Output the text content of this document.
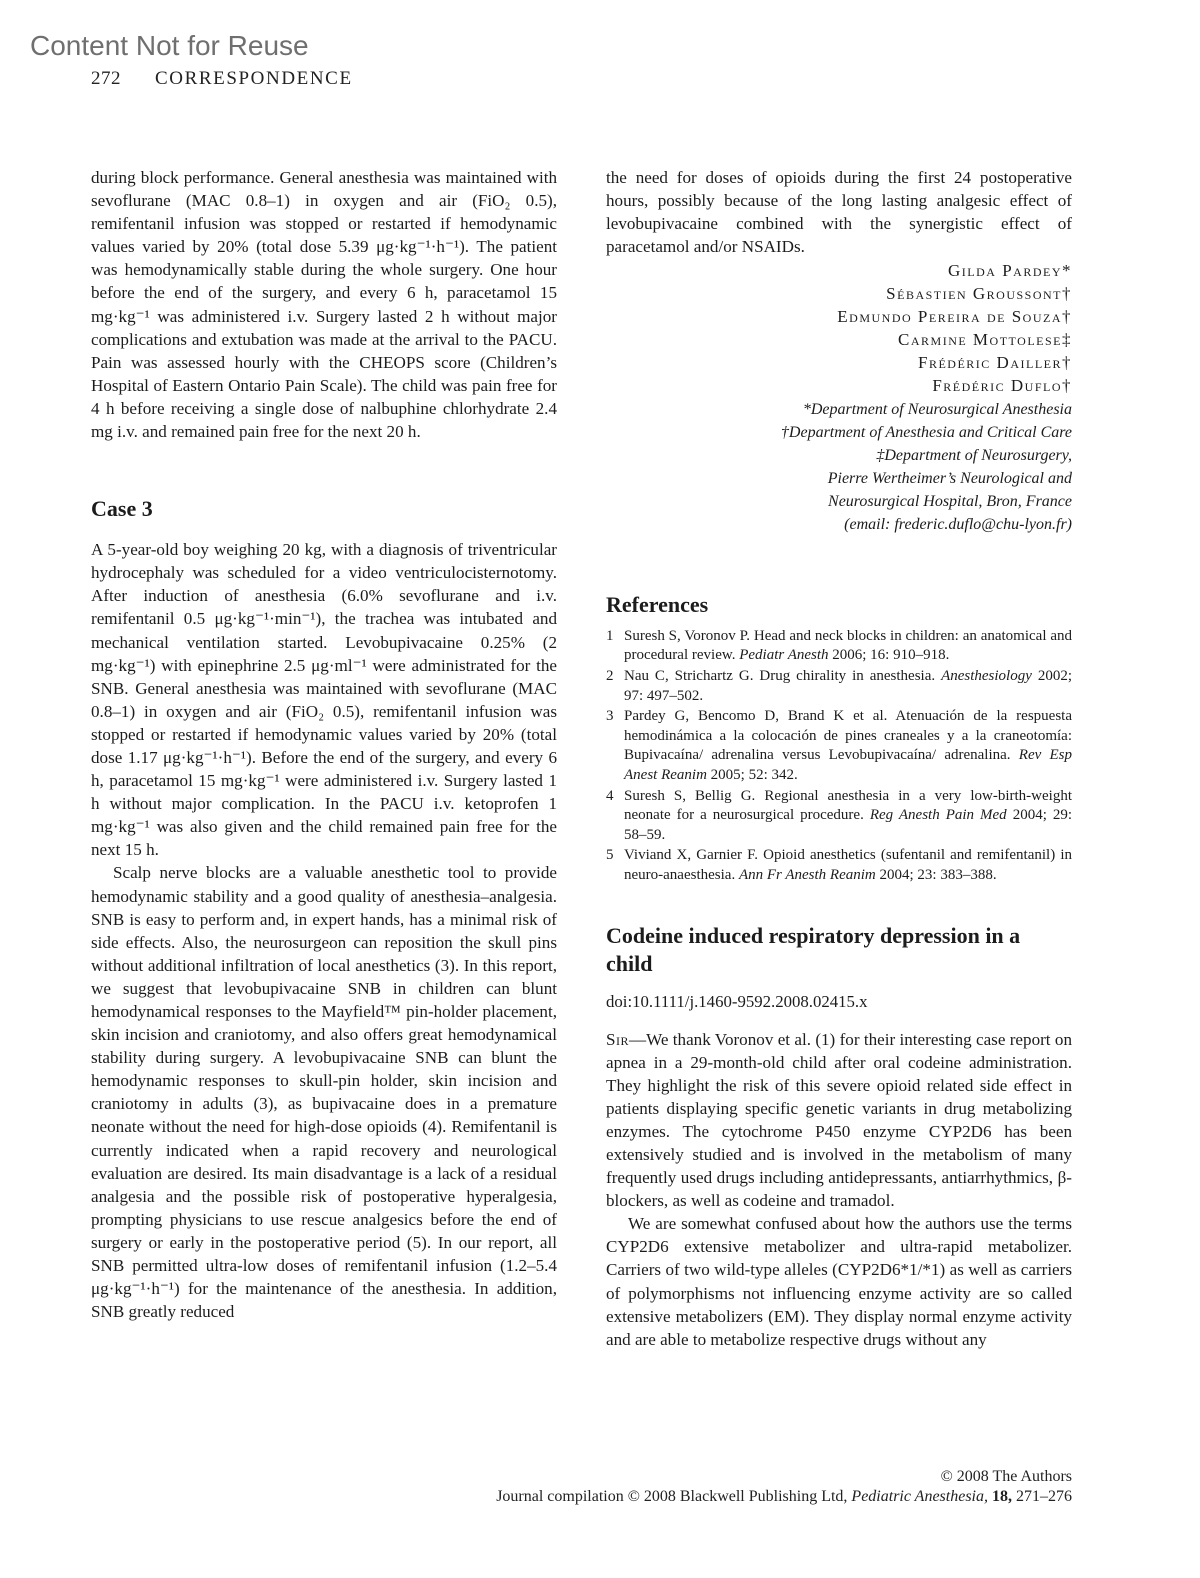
Content Not for Reuse
272 CORRESPONDENCE

during block performance. General anesthesia was maintained with sevoflurane (MAC 0.8–1) in oxygen and air (FiO₂ 0.5), remifentanil infusion was stopped or restarted if hemodynamic values varied by 20% (total dose 5.39 μg·kg⁻¹·h⁻¹). The patient was hemodynamically stable during the whole surgery. One hour before the end of the surgery, and every 6 h, paracetamol 15 mg·kg⁻¹ was administered i.v. Surgery lasted 2 h without major complications and extubation was made at the arrival to the PACU. Pain was assessed hourly with the CHEOPS score (Children’s Hospital of Eastern Ontario Pain Scale). The child was pain free for 4 h before receiving a single dose of nalbuphine chlorhydrate 2.4 mg i.v. and remained pain free for the next 20 h.

Case 3

A 5-year-old boy weighing 20 kg, with a diagnosis of triventricular hydrocephaly was scheduled for a video ventriculocisternotomy. After induction of anesthesia (6.0% sevoflurane and i.v. remifentanil 0.5 μg·kg⁻¹·min⁻¹), the trachea was intubated and mechanical ventilation started. Levobupivacaine 0.25% (2 mg·kg⁻¹) with epinephrine 2.5 μg·ml⁻¹ were administrated for the SNB. General anesthesia was maintained with sevoflurane (MAC 0.8–1) in oxygen and air (FiO₂ 0.5), remifentanil infusion was stopped or restarted if hemodynamic values varied by 20% (total dose 1.17 μg·kg⁻¹·h⁻¹). Before the end of the surgery, and every 6 h, paracetamol 15 mg·kg⁻¹ were administered i.v. Surgery lasted 1 h without major complication. In the PACU i.v. ketoprofen 1 mg·kg⁻¹ was also given and the child remained pain free for the next 15 h.

Scalp nerve blocks are a valuable anesthetic tool to provide hemodynamic stability and a good quality of anesthesia–analgesia. SNB is easy to perform and, in expert hands, has a minimal risk of side effects. Also, the neurosurgeon can reposition the skull pins without additional infiltration of local anesthetics (3). In this report, we suggest that levobupivacaine SNB in children can blunt hemodynamical responses to the Mayfield™ pin-holder placement, skin incision and craniotomy, and also offers great hemodynamical stability during surgery. A levobupivacaine SNB can blunt the hemodynamic responses to skull-pin holder, skin incision and craniotomy in adults (3), as bupivacaine does in a premature neonate without the need for high-dose opioids (4). Remifentanil is currently indicated when a rapid recovery and neurological evaluation are desired. Its main disadvantage is a lack of a residual analgesia and the possible risk of postoperative hyperalgesia, prompting physicians to use rescue analgesics before the end of surgery or early in the postoperative period (5). In our report, all SNB permitted ultra-low doses of remifentanil infusion (1.2–5.4 μg·kg⁻¹·h⁻¹) for the maintenance of the anesthesia. In addition, SNB greatly reduced

the need for doses of opioids during the first 24 postoperative hours, possibly because of the long lasting analgesic effect of levobupivacaine combined with the synergistic effect of paracetamol and/or NSAIDs.

Gilda Pardey*
Sébastien Groussont†
Edmundo Pereira de Souza†
Carmine Mottolese‡
Frédéric Dailler†
Frédéric Duflo†
*Department of Neurosurgical Anesthesia
†Department of Anesthesia and Critical Care
‡Department of Neurosurgery,
Pierre Wertheimer’s Neurological and
Neurosurgical Hospital, Bron, France
(email: frederic.duflo@chu-lyon.fr)
References
1 Suresh S, Voronov P. Head and neck blocks in children: an anatomical and procedural review. Pediatr Anesth 2006; 16: 910–918.
2 Nau C, Strichartz G. Drug chirality in anesthesia. Anesthesiology 2002; 97: 497–502.
3 Pardey G, Bencomo D, Brand K et al. Atenuación de la respuesta hemodinámica a la colocación de pines craneales y a la craneotomía: Bupivacaína/ adrenalina versus Levobupivacaína/ adrenalina. Rev Esp Anest Reanim 2005; 52: 342.
4 Suresh S, Bellig G. Regional anesthesia in a very low-birth-weight neonate for a neurosurgical procedure. Reg Anesth Pain Med 2004; 29: 58–59.
5 Viviand X, Garnier F. Opioid anesthetics (sufentanil and remifentanil) in neuro-anaesthesia. Ann Fr Anesth Reanim 2004; 23: 383–388.
Codeine induced respiratory depression in a child

doi:10.1111/j.1460-9592.2008.02415.x

Sir—We thank Voronov et al. (1) for their interesting case report on apnea in a 29-month-old child after oral codeine administration. They highlight the risk of this severe opioid related side effect in patients displaying specific genetic variants in drug metabolizing enzymes. The cytochrome P450 enzyme CYP2D6 has been extensively studied and is involved in the metabolism of many frequently used drugs including antidepressants, antiarrhythmics, β-blockers, as well as codeine and tramadol.

We are somewhat confused about how the authors use the terms CYP2D6 extensive metabolizer and ultra-rapid metabolizer. Carriers of two wild-type alleles (CYP2D6*1/*1) as well as carriers of polymorphisms not influencing enzyme activity are so called extensive metabolizers (EM). They display normal enzyme activity and are able to metabolize respective drugs without any

© 2008 The Authors
Journal compilation © 2008 Blackwell Publishing Ltd, Pediatric Anesthesia, 18, 271–276
